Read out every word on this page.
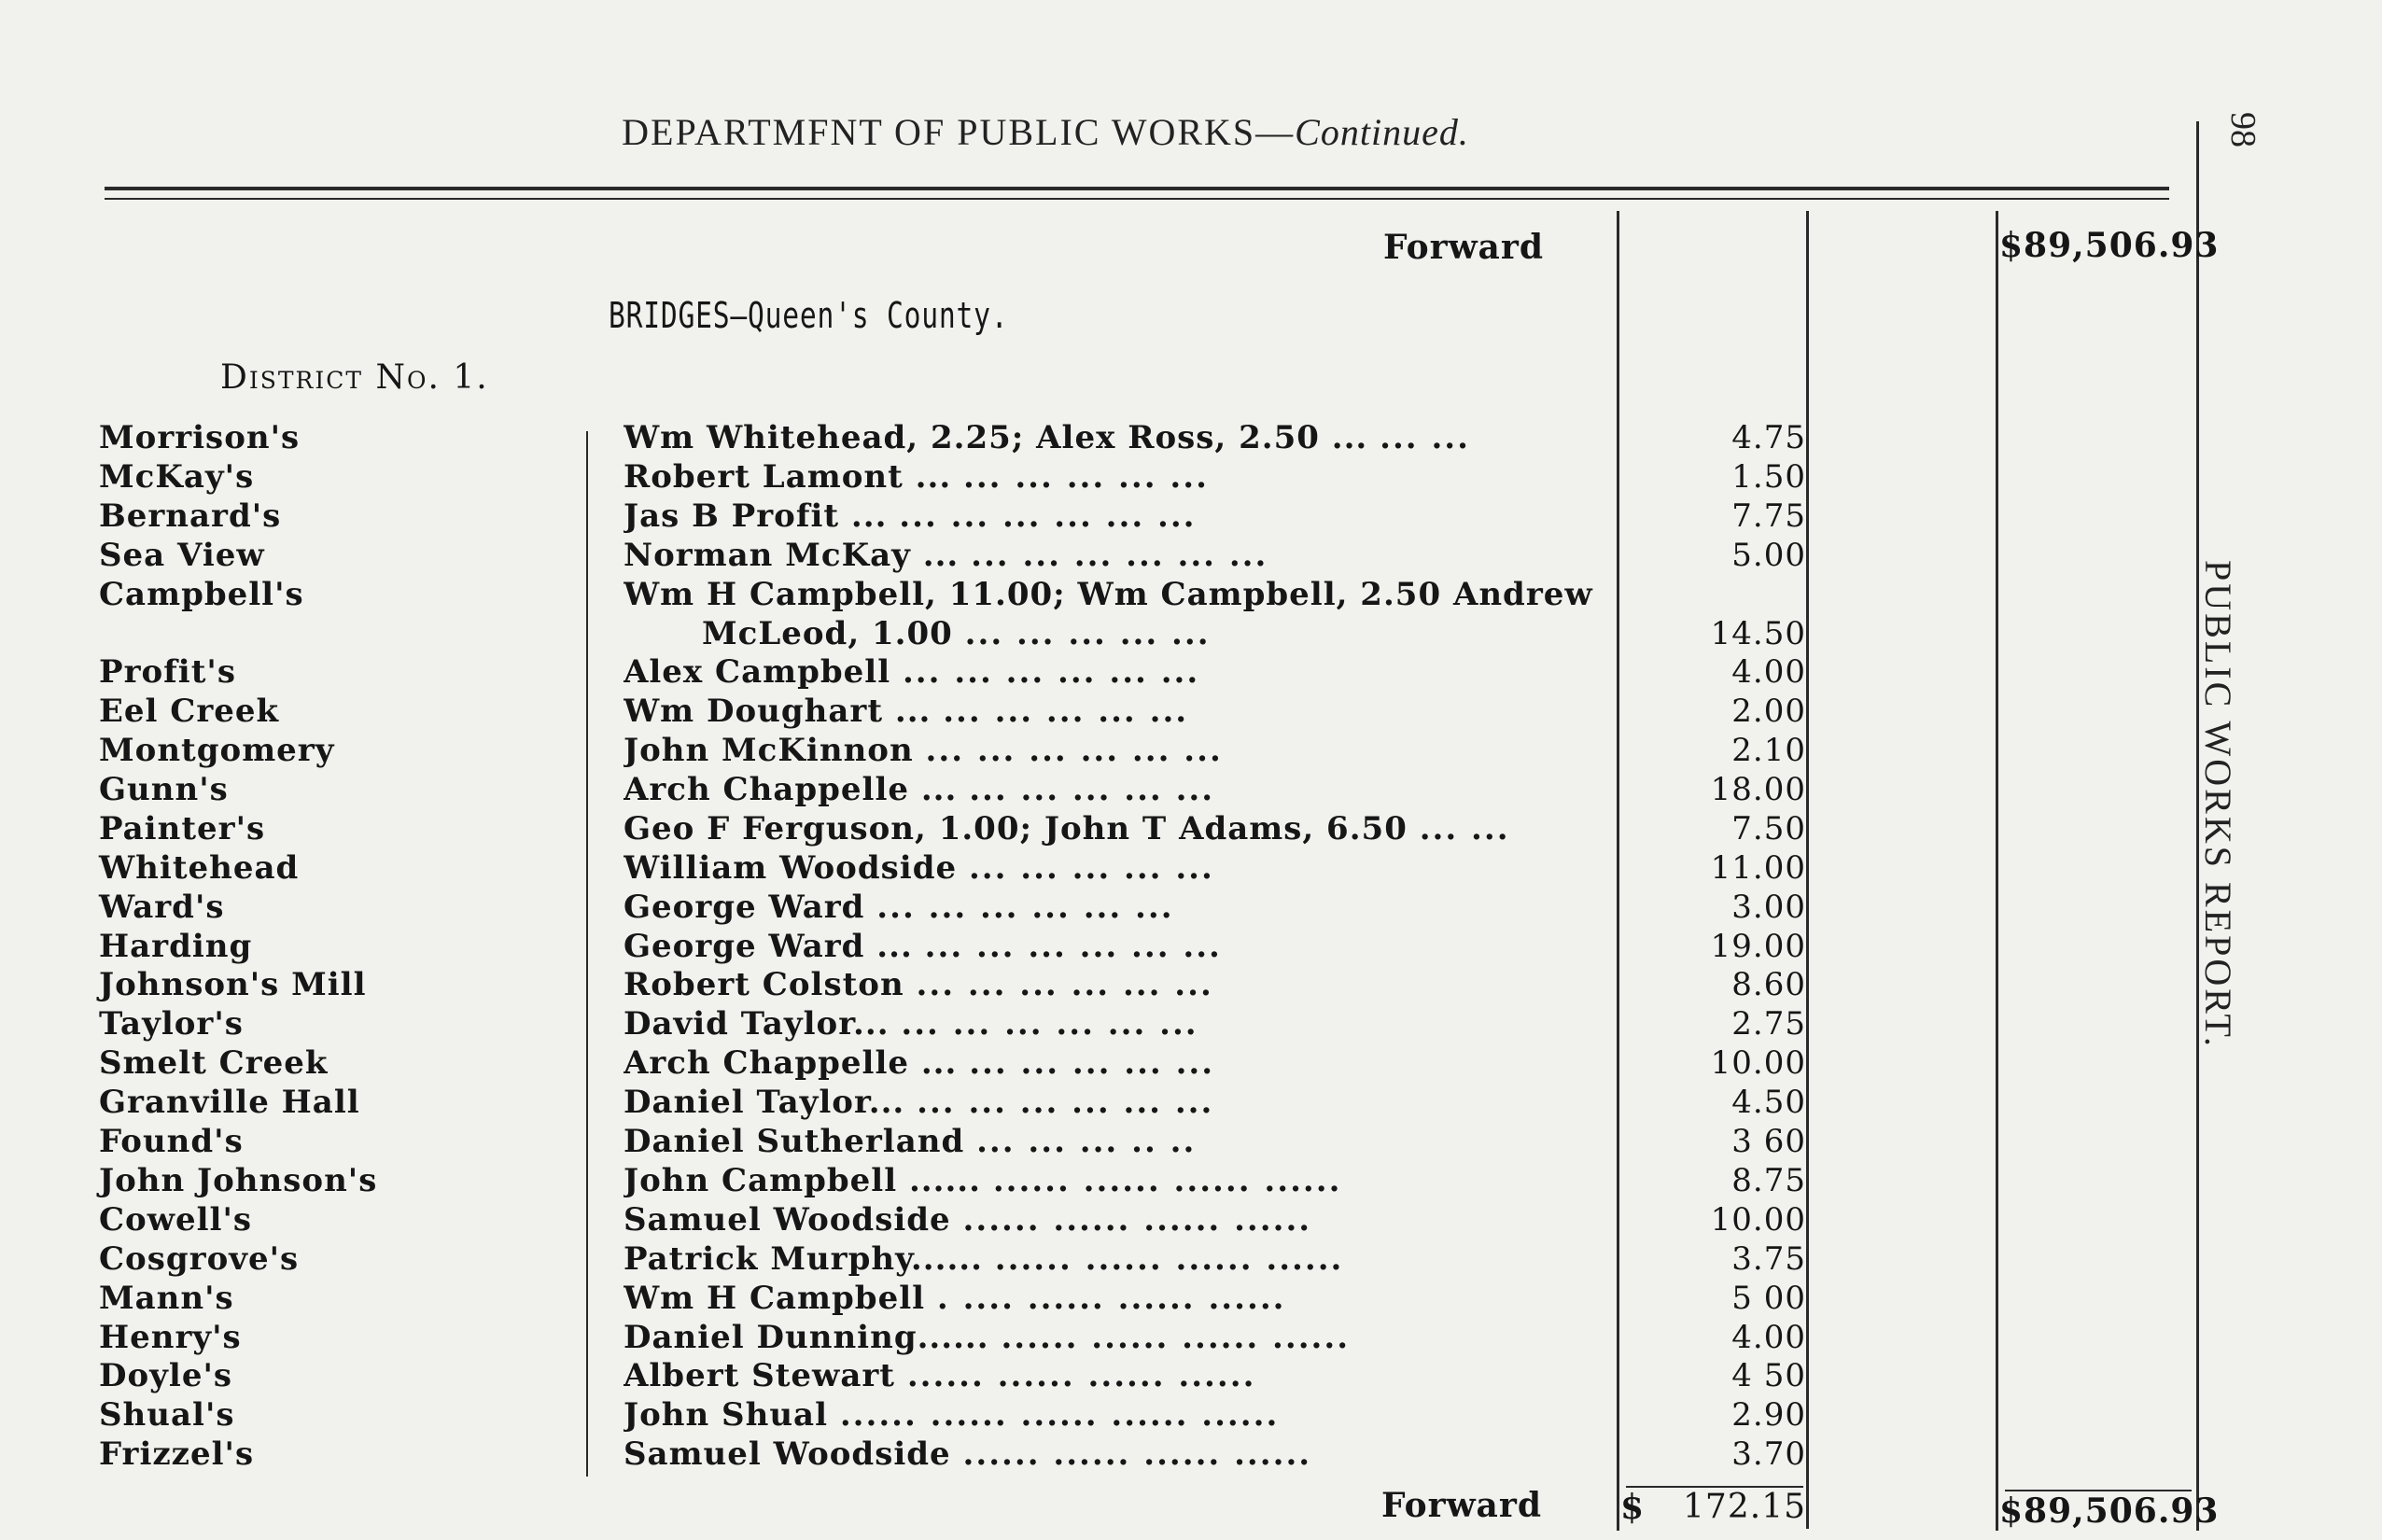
DEPARTMFNT OF PUBLIC WORKS—Continued.
PUBLIC WORKS REPORT.
98
Forward	$89,506.93
BRIDGES—Queen's County.
District No. 1.
Morrison's	Wm Whitehead, 2.25; Alex Ross, 2.50 ... ... ...	4.75
McKay's	Robert Lamont ... ... ... ... ... ...	1.50
Bernard's	Jas B Profit ... ... ... ... ... ... ...	7.75
Sea View	Norman McKay ... ... ... ... ... ... ...	5.00
Campbell's	Wm H Campbell, 11.00; Wm Campbell, 2.50 Andrew
McLeod, 1.00 ... ... ... ... ...	14.50
Profit's	Alex Campbell ... ... ... ... ... ...	4.00
Eel Creek	Wm Doughart ... ... ... ... ... ...	2.00
Montgomery	John McKinnon ... ... ... ... ... ...	2.10
Gunn's	Arch Chappelle ... ... ... ... ... ...	18.00
Painter's	Geo F Ferguson, 1.00; John T Adams, 6.50 ... ...	7.50
Whitehead	William Woodside ... ... ... ... ...	11.00
Ward's	George Ward ... ... ... ... ... ...	3.00
Harding	George Ward ... ... ... ... ... ... ...	19.00
Johnson's Mill	Robert Colston ... ... ... ... ... ...	8.60
Taylor's	David Taylor... ... ... ... ... ... ...	2.75
Smelt Creek	Arch Chappelle ... ... ... ... ... ...	10.00
Granville Hall	Daniel Taylor... ... ... ... ... ... ...	4.50
Found's	Daniel Sutherland ... ... ... .. ..	3 60
John Johnson's	John Campbell ...... ...... ...... ...... ......	8.75
Cowell's	Samuel Woodside ...... ...... ...... ......	10.00
Cosgrove's	Patrick Murphy...... ...... ...... ...... ......	3.75
Mann's	Wm H Campbell . .... ...... ...... ......	5 00
Henry's	Daniel Dunning...... ...... ...... ...... ......	4.00
Doyle's	Albert Stewart ...... ...... ...... ......	4 50
Shual's	John Shual ...... ...... ...... ...... ......	2.90
Frizzel's	Samuel Woodside ...... ...... ...... ......	3.70
Forward $	172.15	$89,506.93
